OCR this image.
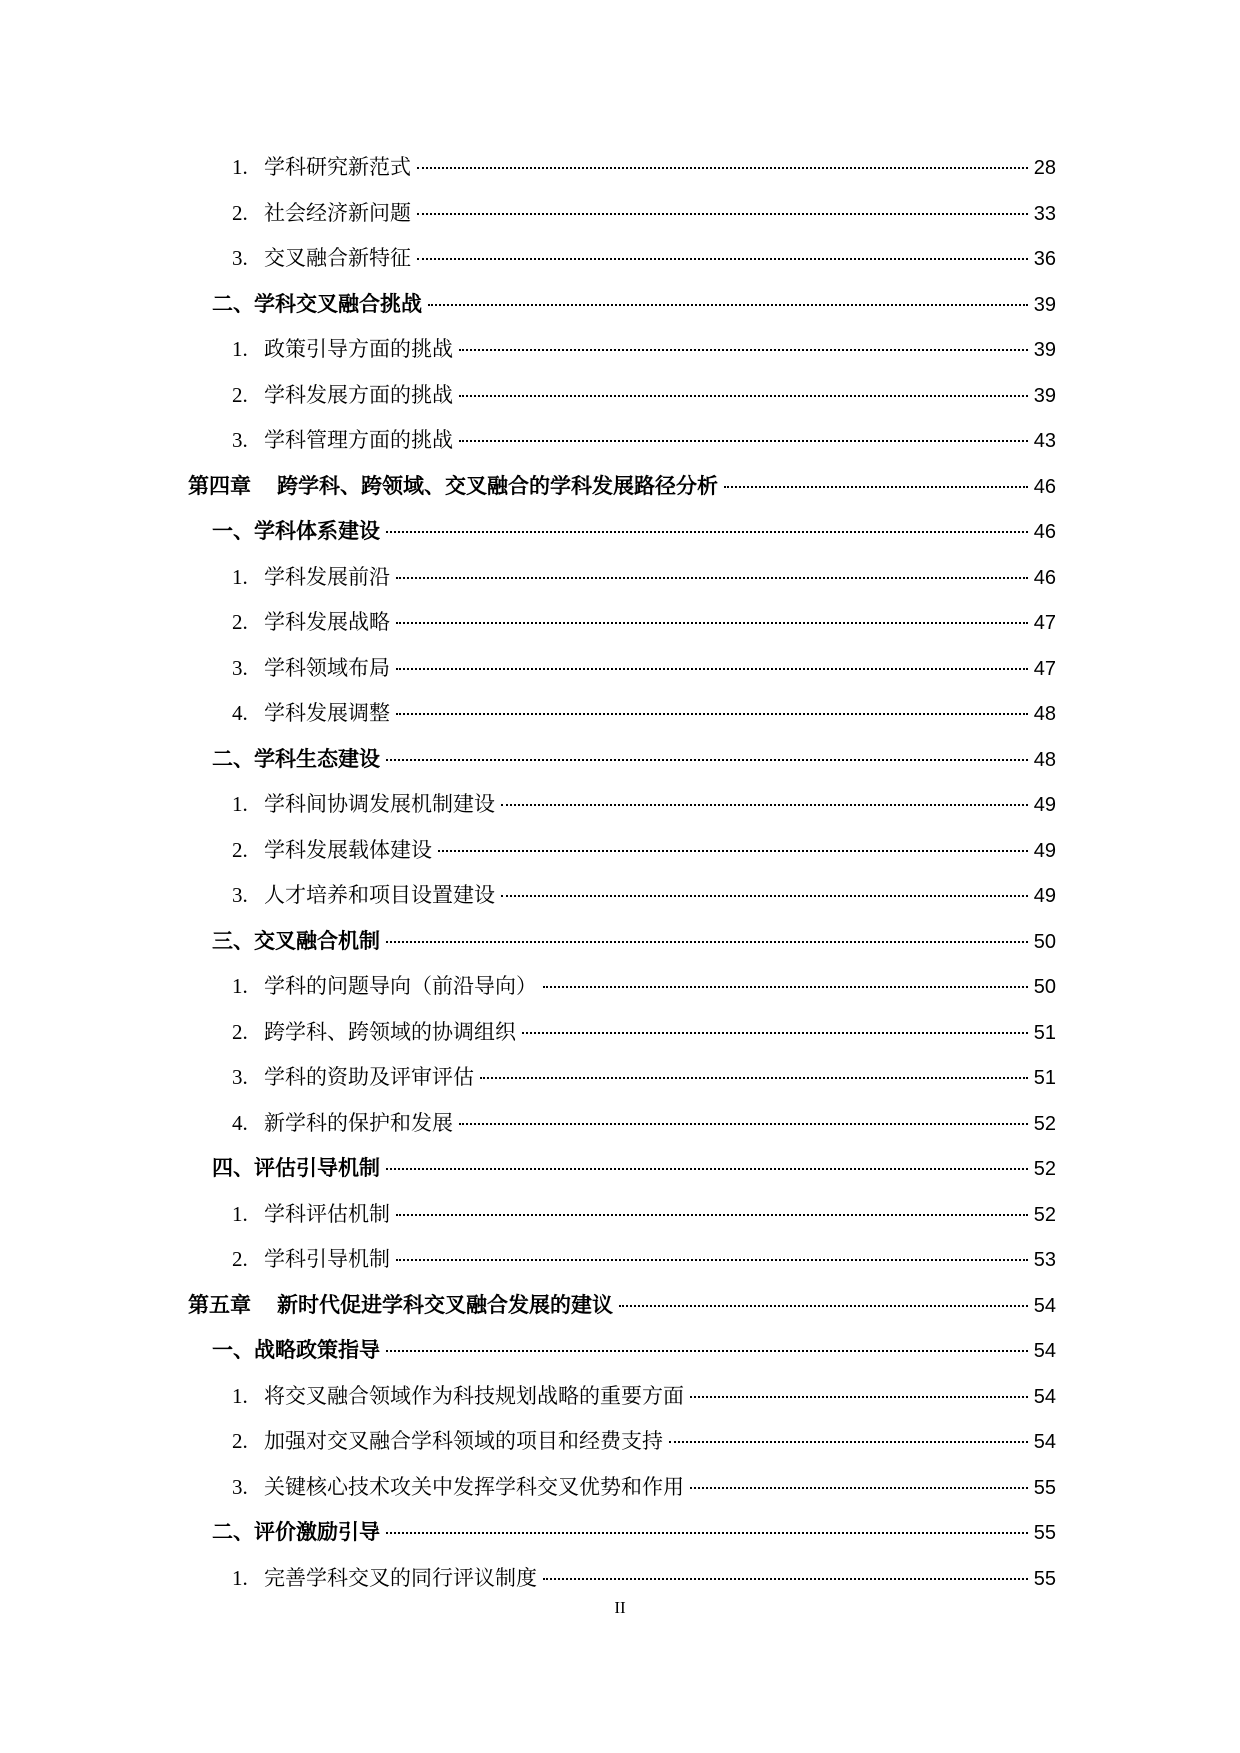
1. 学科研究新范式	28
2. 社会经济新问题	33
3. 交叉融合新特征	36
二、 学科交叉融合挑战	39
1. 政策引导方面的挑战	39
2. 学科发展方面的挑战	39
3. 学科管理方面的挑战	43
第四章 跨学科、跨领域、交叉融合的学科发展路径分析	46
一、 学科体系建设	46
1. 学科发展前沿	46
2. 学科发展战略	47
3. 学科领域布局	47
4. 学科发展调整	48
二、 学科生态建设	48
1. 学科间协调发展机制建设	49
2. 学科发展载体建设	49
3. 人才培养和项目设置建设	49
三、 交叉融合机制	50
1. 学科的问题导向（前沿导向）	50
2. 跨学科、跨领域的协调组织	51
3. 学科的资助及评审评估	51
4. 新学科的保护和发展	52
四、 评估引导机制	52
1. 学科评估机制	52
2. 学科引导机制	53
第五章 新时代促进学科交叉融合发展的建议	54
一、 战略政策指导	54
1. 将交叉融合领域作为科技规划战略的重要方面	54
2. 加强对交叉融合学科领域的项目和经费支持	54
3. 关键核心技术攻关中发挥学科交叉优势和作用	55
二、 评价激励引导	55
1. 完善学科交叉的同行评议制度	55
II
